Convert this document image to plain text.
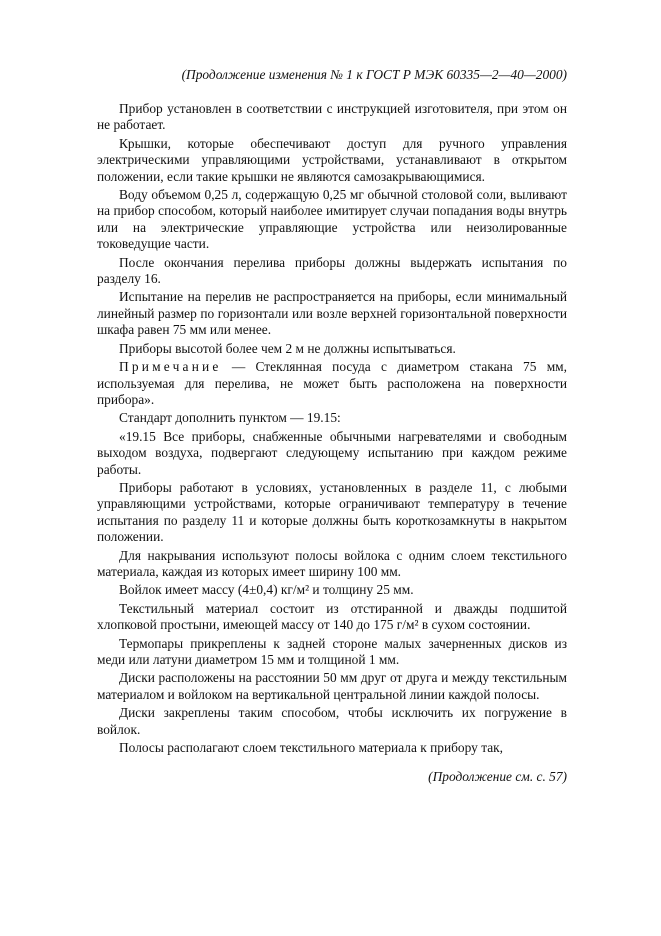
(Продолжение изменения № 1 к ГОСТ Р МЭК 60335—2—40—2000)

Прибор установлен в соответствии с инструкцией изготовителя, при этом он не работает.

Крышки, которые обеспечивают доступ для ручного управления электрическими управляющими устройствами, устанавливают в открытом положении, если такие крышки не являются самозакрывающимися.

Воду объемом 0,25 л, содержащую 0,25 мг обычной столовой соли, выливают на прибор способом, который наиболее имитирует случаи попадания воды внутрь или на электрические управляющие устройства или неизолированные токоведущие части.

После окончания перелива приборы должны выдержать испытания по разделу 16.

Испытание на перелив не распространяется на приборы, если минимальный линейный размер по горизонтали или возле верхней горизонтальной поверхности шкафа равен 75 мм или менее.

Приборы высотой более чем 2 м не должны испытываться.

Примечание — Стеклянная посуда с диаметром стакана 75 мм, используемая для перелива, не может быть расположена на поверхности прибора».

Стандарт дополнить пунктом — 19.15:

«19.15 Все приборы, снабженные обычными нагревателями и свободным выходом воздуха, подвергают следующему испытанию при каждом режиме работы.

Приборы работают в условиях, установленных в разделе 11, с любыми управляющими устройствами, которые ограничивают температуру в течение испытания по разделу 11 и которые должны быть короткозамкнуты в накрытом положении.

Для накрывания используют полосы войлока с одним слоем текстильного материала, каждая из которых имеет ширину 100 мм.

Войлок имеет массу (4±0,4) кг/м² и толщину 25 мм.

Текстильный материал состоит из отстиранной и дважды подшитой хлопковой простыни, имеющей массу от 140 до 175 г/м² в сухом состоянии.

Термопары прикреплены к задней стороне малых зачерненных дисков из меди или латуни диаметром 15 мм и толщиной 1 мм.

Диски расположены на расстоянии 50 мм друг от друга и между текстильным материалом и войлоком на вертикальной центральной линии каждой полосы.

Диски закреплены таким способом, чтобы исключить их погружение в войлок.

Полосы располагают слоем текстильного материала к прибору так,

(Продолжение см. с. 57)
